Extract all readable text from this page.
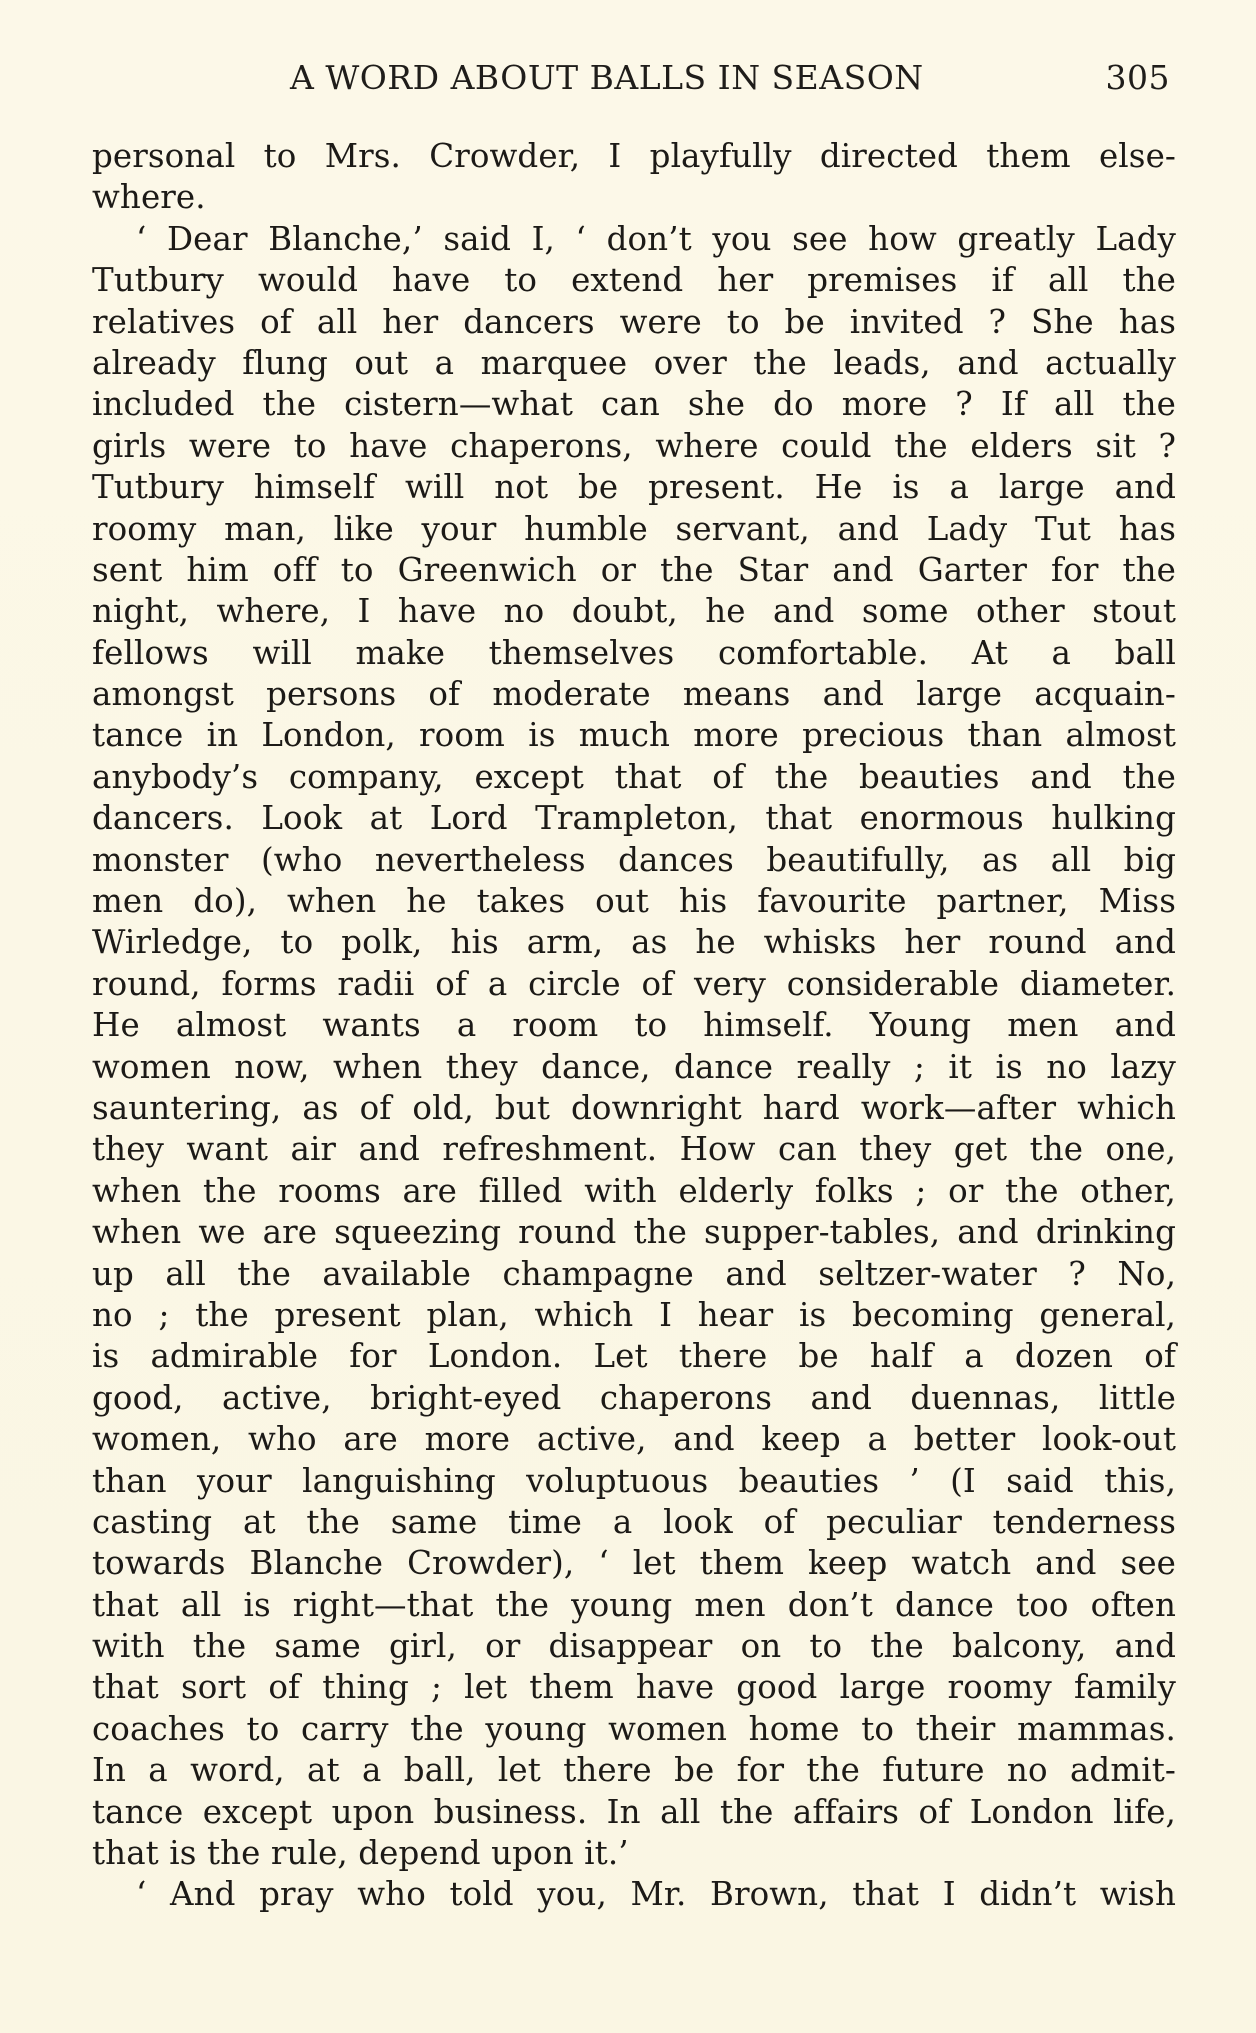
A WORD ABOUT BALLS IN SEASON	305
personal to Mrs. Crowder, I playfully directed them else-
where.
‘ Dear Blanche,’ said I, ‘ don’t you see how greatly Lady
Tutbury would have to extend her premises if all the
relatives of all her dancers were to be invited ? She has
already flung out a marquee over the leads, and actually
included the cistern—what can she do more ? If all the
girls were to have chaperons, where could the elders sit ?
Tutbury himself will not be present. He is a large and
roomy man, like your humble servant, and Lady Tut has
sent him off to Greenwich or the Star and Garter for the
night, where, I have no doubt, he and some other stout
fellows will make themselves comfortable. At a ball
amongst persons of moderate means and large acquain-
tance in London, room is much more precious than almost
anybody’s company, except that of the beauties and the
dancers. Look at Lord Trampleton, that enormous hulking
monster (who nevertheless dances beautifully, as all big
men do), when he takes out his favourite partner, Miss
Wirledge, to polk, his arm, as he whisks her round and
round, forms radii of a circle of very considerable diameter.
He almost wants a room to himself. Young men and
women now, when they dance, dance really ; it is no lazy
sauntering, as of old, but downright hard work—after which
they want air and refreshment. How can they get the one,
when the rooms are filled with elderly folks ; or the other,
when we are squeezing round the supper-tables, and drinking
up all the available champagne and seltzer-water ? No,
no ; the present plan, which I hear is becoming general,
is admirable for London. Let there be half a dozen of
good, active, bright-eyed chaperons and duennas, little
women, who are more active, and keep a better look-out
than your languishing voluptuous beauties ’ (I said this,
casting at the same time a look of peculiar tenderness
towards Blanche Crowder), ‘ let them keep watch and see
that all is right—that the young men don’t dance too often
with the same girl, or disappear on to the balcony, and
that sort of thing ; let them have good large roomy family
coaches to carry the young women home to their mammas.
In a word, at a ball, let there be for the future no admit-
tance except upon business. In all the affairs of London life,
that is the rule, depend upon it.’
‘ And pray who told you, Mr. Brown, that I didn’t wish
